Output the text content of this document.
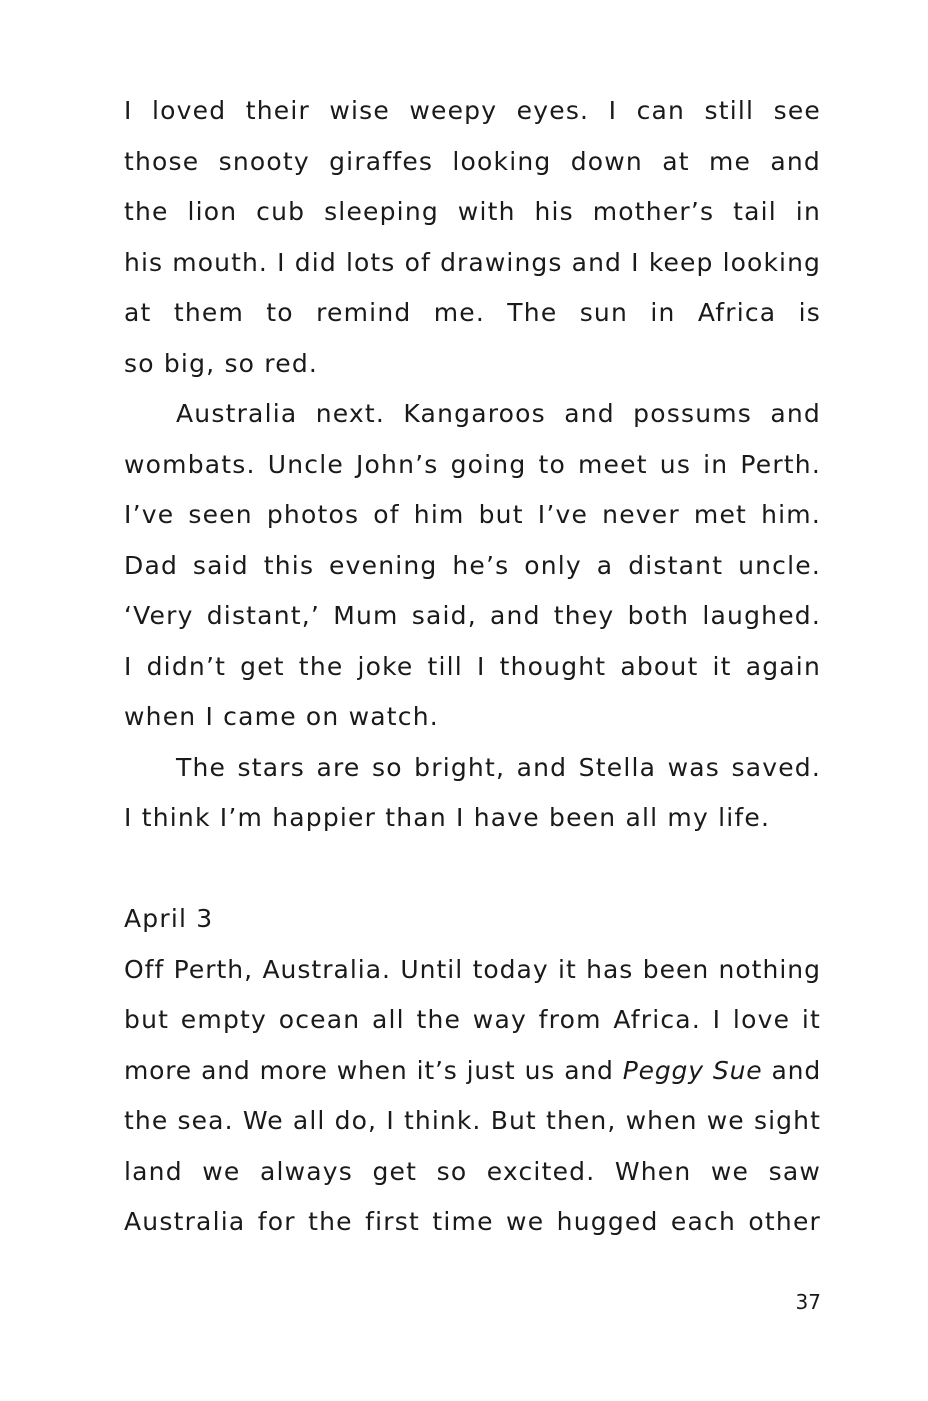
I loved their wise weepy eyes. I can still see
those snooty giraffes looking down at me and
the lion cub sleeping with his mother’s tail in
his mouth. I did lots of drawings and I keep looking
at them to remind me. The sun in Africa is
so big, so red.
Australia next. Kangaroos and possums and
wombats. Uncle John’s going to meet us in Perth.
I’ve seen photos of him but I’ve never met him.
Dad said this evening he’s only a distant uncle.
‘Very distant,’ Mum said, and they both laughed.
I didn’t get the joke till I thought about it again
when I came on watch.
The stars are so bright, and Stella was saved.
I think I’m happier than I have been all my life.
April 3
Off Perth, Australia. Until today it has been nothing
but empty ocean all the way from Africa. I love it
more and more when it’s just us and Peggy Sue and
the sea. We all do, I think. But then, when we sight
land we always get so excited. When we saw
Australia for the first time we hugged each other
37
